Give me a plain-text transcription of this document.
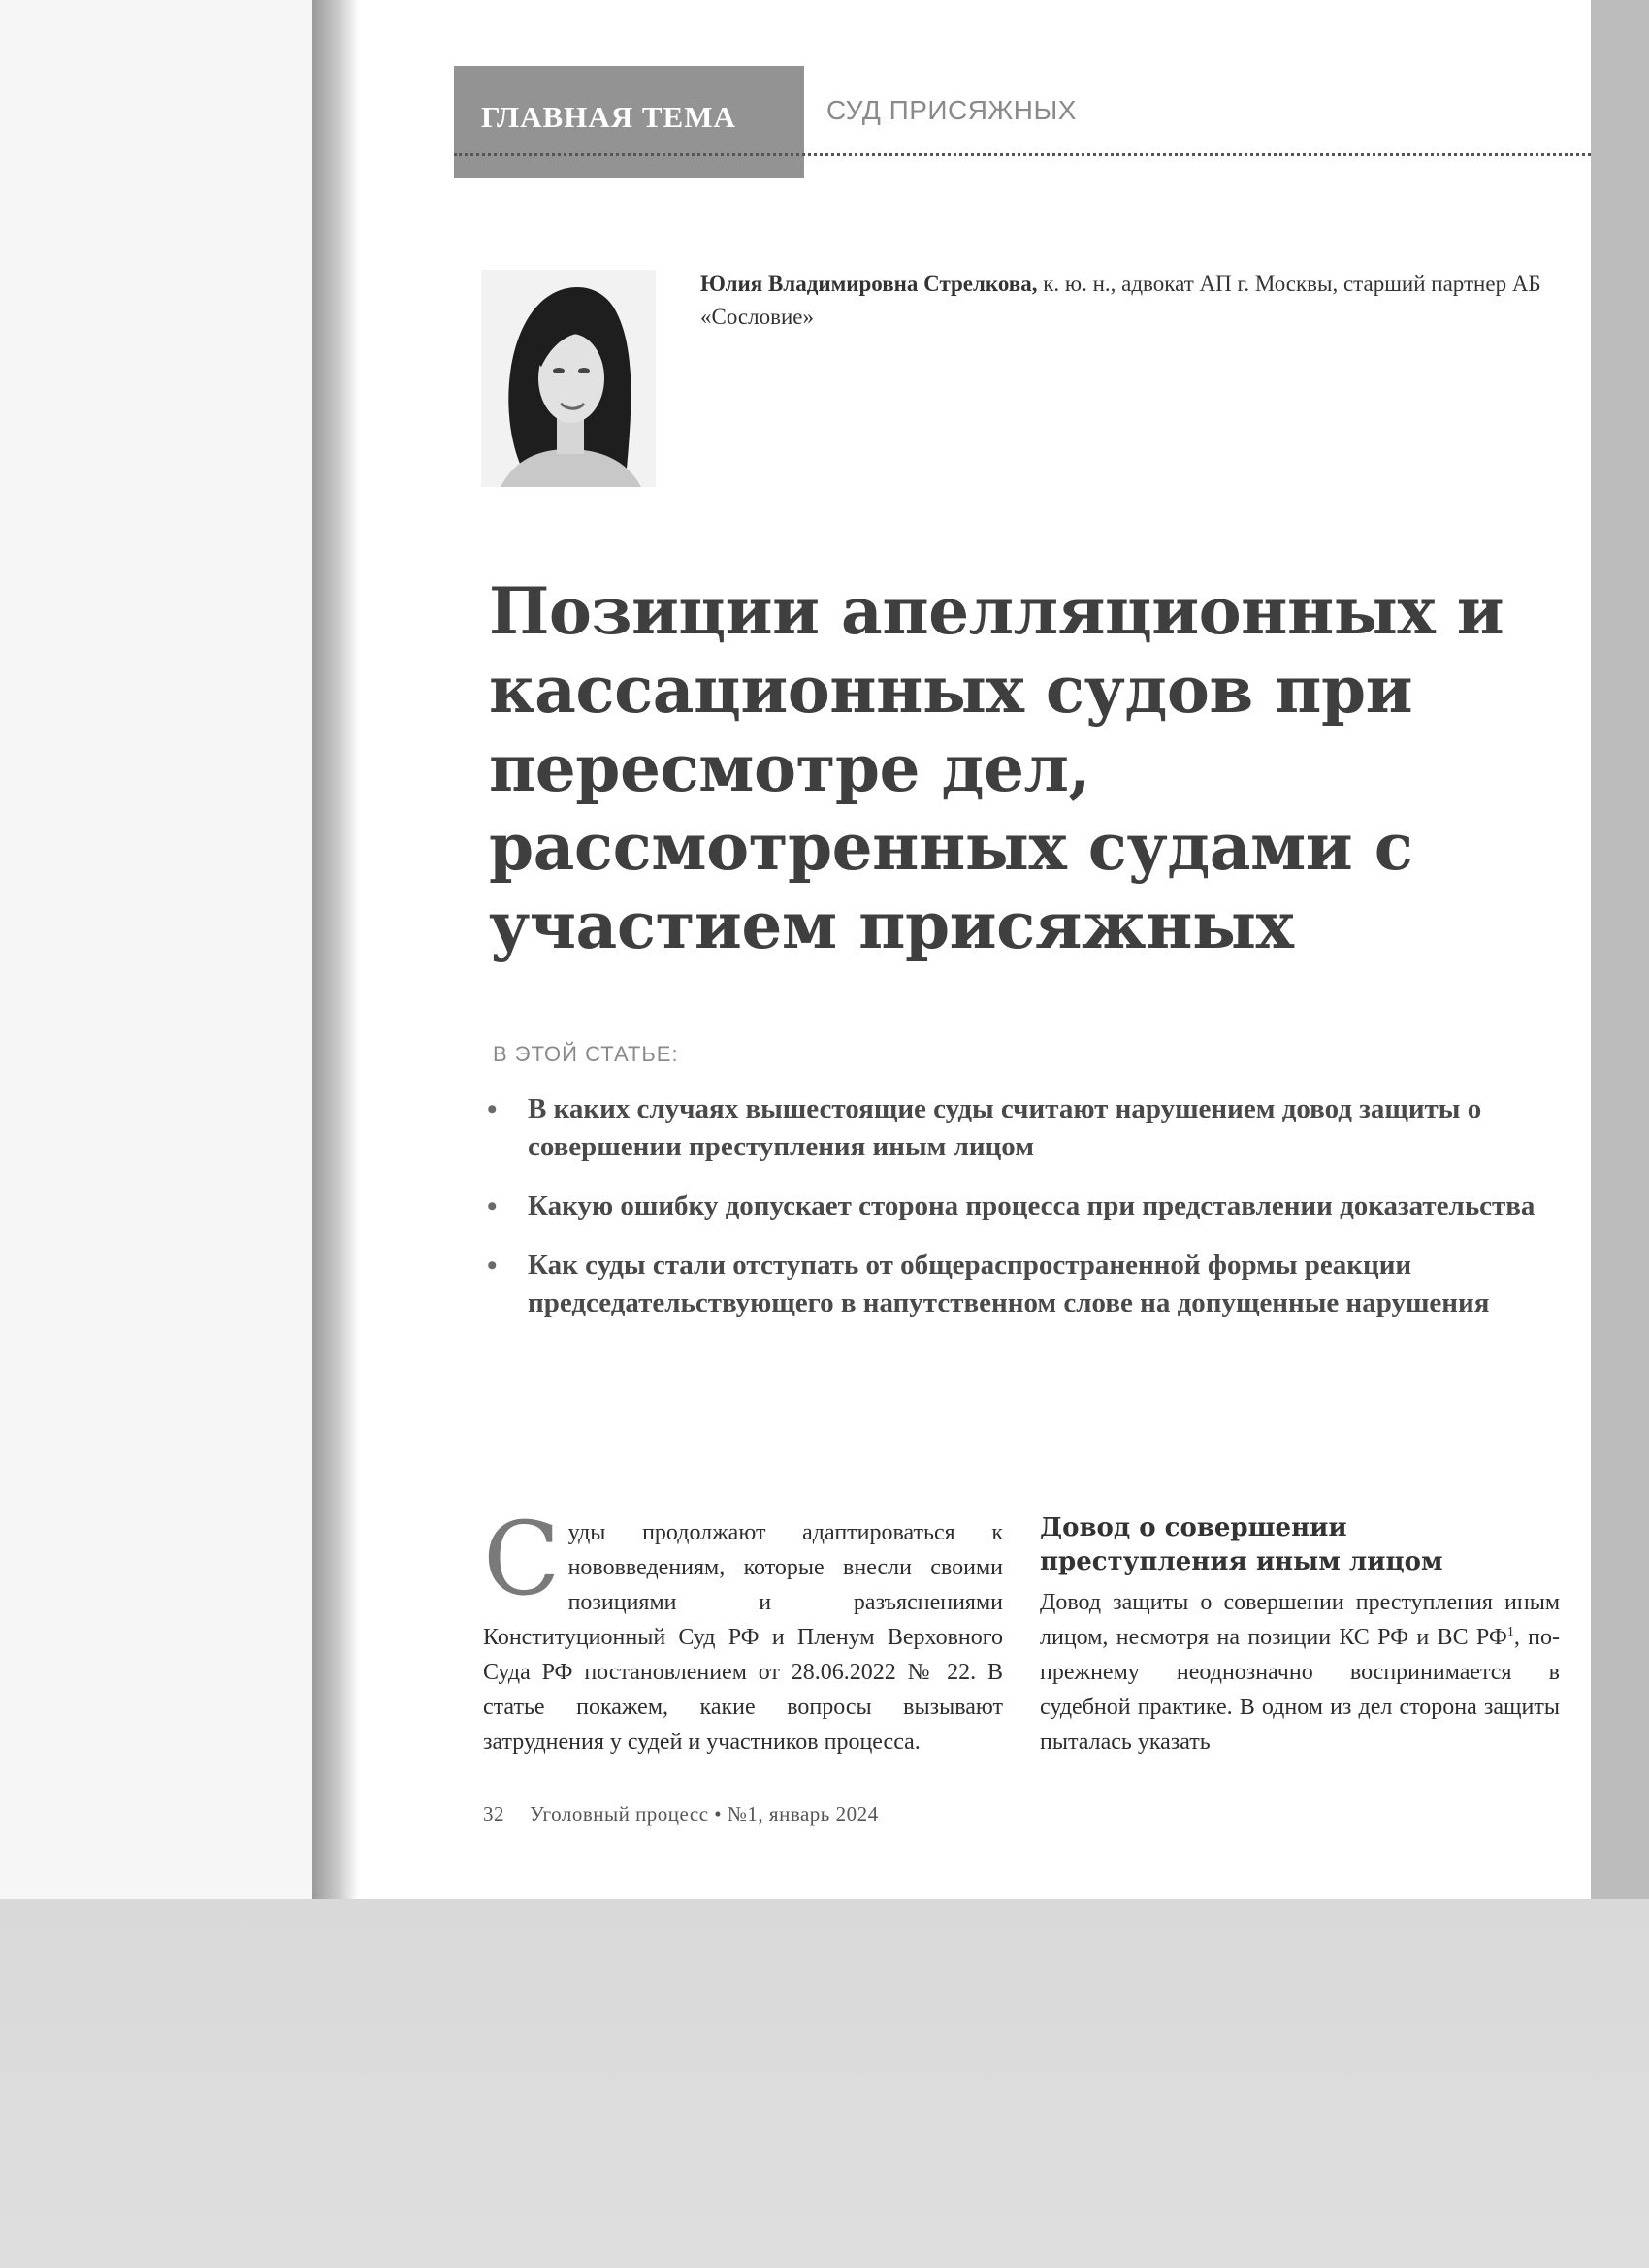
ГЛАВНАЯ ТЕМА	СУД ПРИСЯЖНЫХ
Юлия Владимировна Стрелкова, к. ю. н., адвокат АП г. Москвы, старший партнер АБ «Сословие»
Позиции апелляционных и кассационных судов при пересмотре дел, рассмотренных судами с участием присяжных
В ЭТОЙ СТАТЬЕ:
• В каких случаях вышестоящие суды считают нарушением довод защиты о совершении преступления иным лицом
• Какую ошибку допускает сторона процесса при представлении доказательства
• Как суды стали отступать от общераспространенной формы реакции председательствующего в напутственном слове на допущенные нарушения
Суды продолжают адаптироваться к нововведениям, которые внесли своими позициями и разъяснениями Конституционный Суд РФ и Пленум Верховного Суда РФ постановлением от 28.06.2022 № 22. В статье покажем, какие вопросы вызывают затруднения у судей и участников процесса.
Довод о совершении преступления иным лицом

Довод защиты о совершении преступления иным лицом, несмотря на позиции КС РФ и ВС $РФ^1$, по-прежнему неоднозначно воспринимается в судебной практике. В одном из дел сторона защиты пыталась указать

32 Уголовный процесс • №1, январь 2024
